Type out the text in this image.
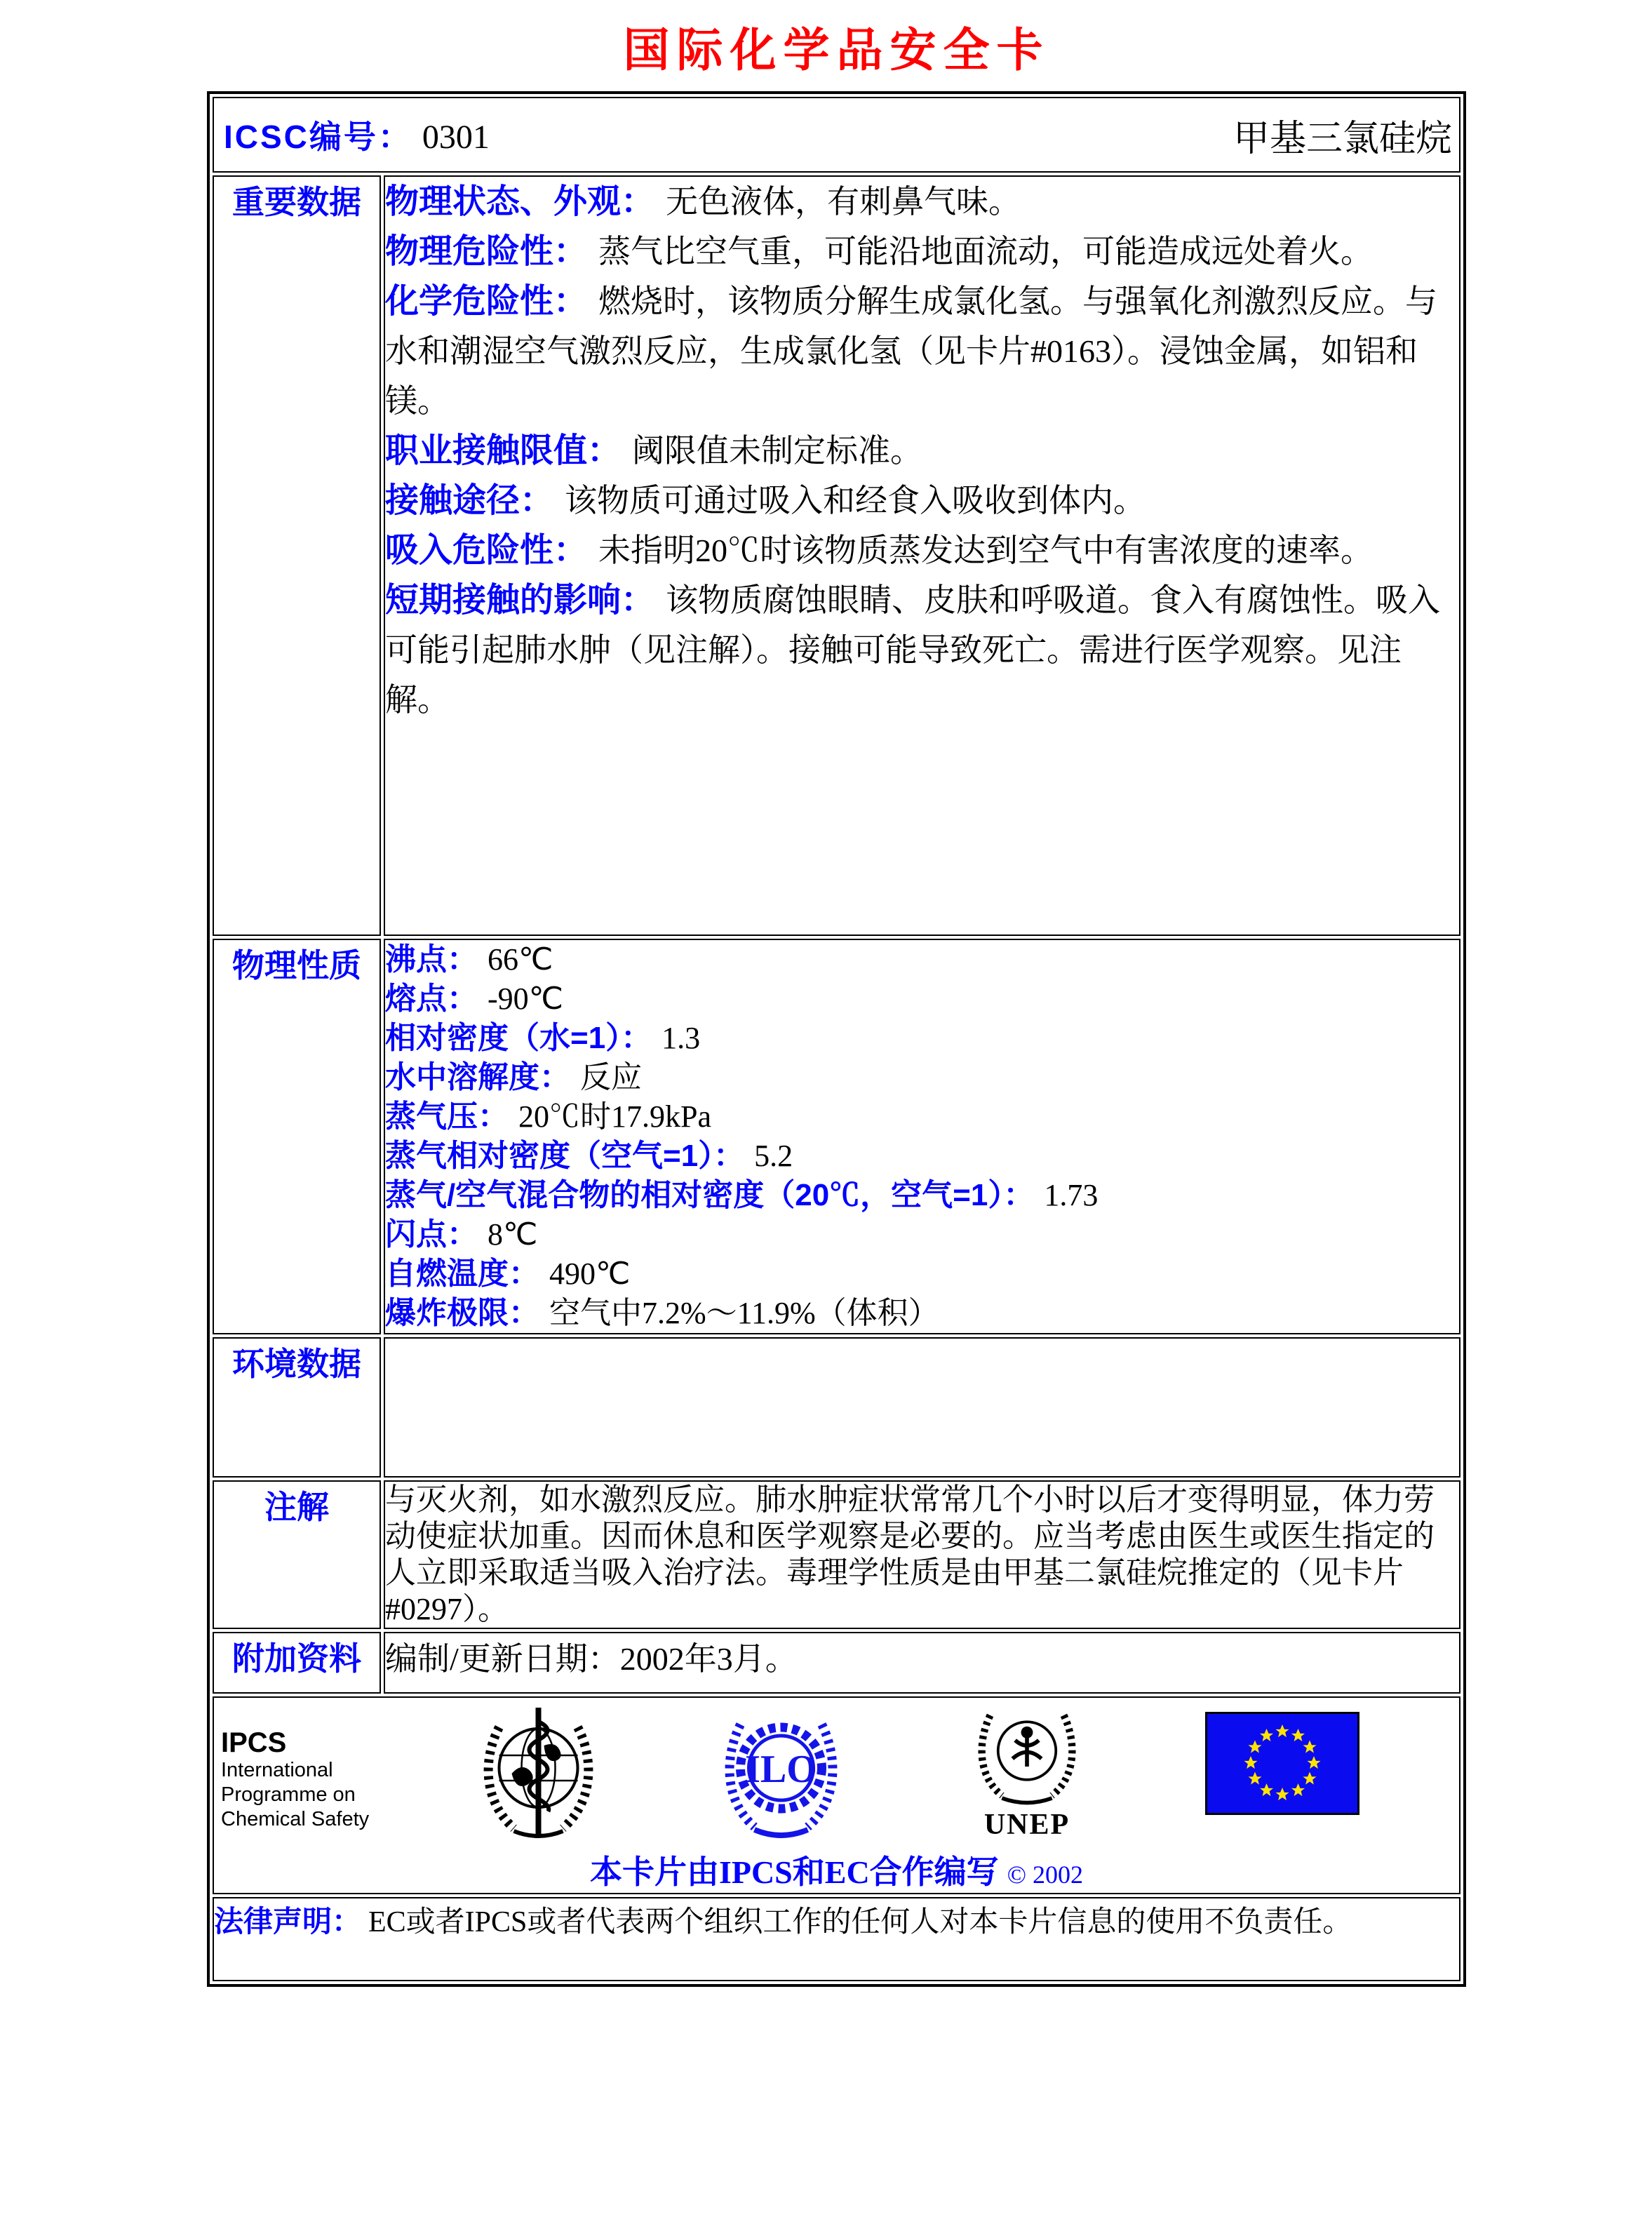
国际化学品安全卡
ICSC编号： 0301 甲基三氯硅烷	

重要数据	物理状态、外观： 无色液体，有刺鼻气味。
物理危险性： 蒸气比空气重，可能沿地面流动，可能造成远处着火。
化学危险性： 燃烧时，该物质分解生成氯化氢。与强氧化剂激烈反应。与水和潮湿空气激烈反应，生成氯化氢（见卡片#0163）。浸蚀金属，如铝和镁。
职业接触限值： 阈限值未制定标准。
接触途径： 该物质可通过吸入和经食入吸收到体内。
吸入危险性： 未指明20℃时该物质蒸发达到空气中有害浓度的速率。
短期接触的影响： 该物质腐蚀眼睛、皮肤和呼吸道。食入有腐蚀性。吸入可能引起肺水肿（见注解）。接触可能导致死亡。需进行医学观察。见注解。

物理性质	沸点： 66℃
熔点： -90℃
相对密度（水=1）： 1.3
水中溶解度： 反应
蒸气压： 20℃时17.9kPa
蒸气相对密度（空气=1）： 5.2
蒸气/空气混合物的相对密度（20℃，空气=1）： 1.73
闪点： 8℃
自燃温度： 490℃
爆炸极限： 空气中7.2%～11.9%（体积）

环境数据	
注解	与灭火剂，如水激烈反应。肺水肿症状常常几个小时以后才变得明显，体力劳动使症状加重。因而休息和医学观察是必要的。应当考虑由医生或医生指定的人立即采取适当吸入治疗法。毒理学性质是由甲基二氯硅烷推定的（见卡片#0297）。
附加资料	编制/更新日期：2002年3月。

IPCS
International
Programme on
Chemical Safety
ILO
UNEP
本卡片由IPCS和EC合作编写 © 2002

法律声明： EC或者IPCS或者代表两个组织工作的任何人对本卡片信息的使用不负责任。	
